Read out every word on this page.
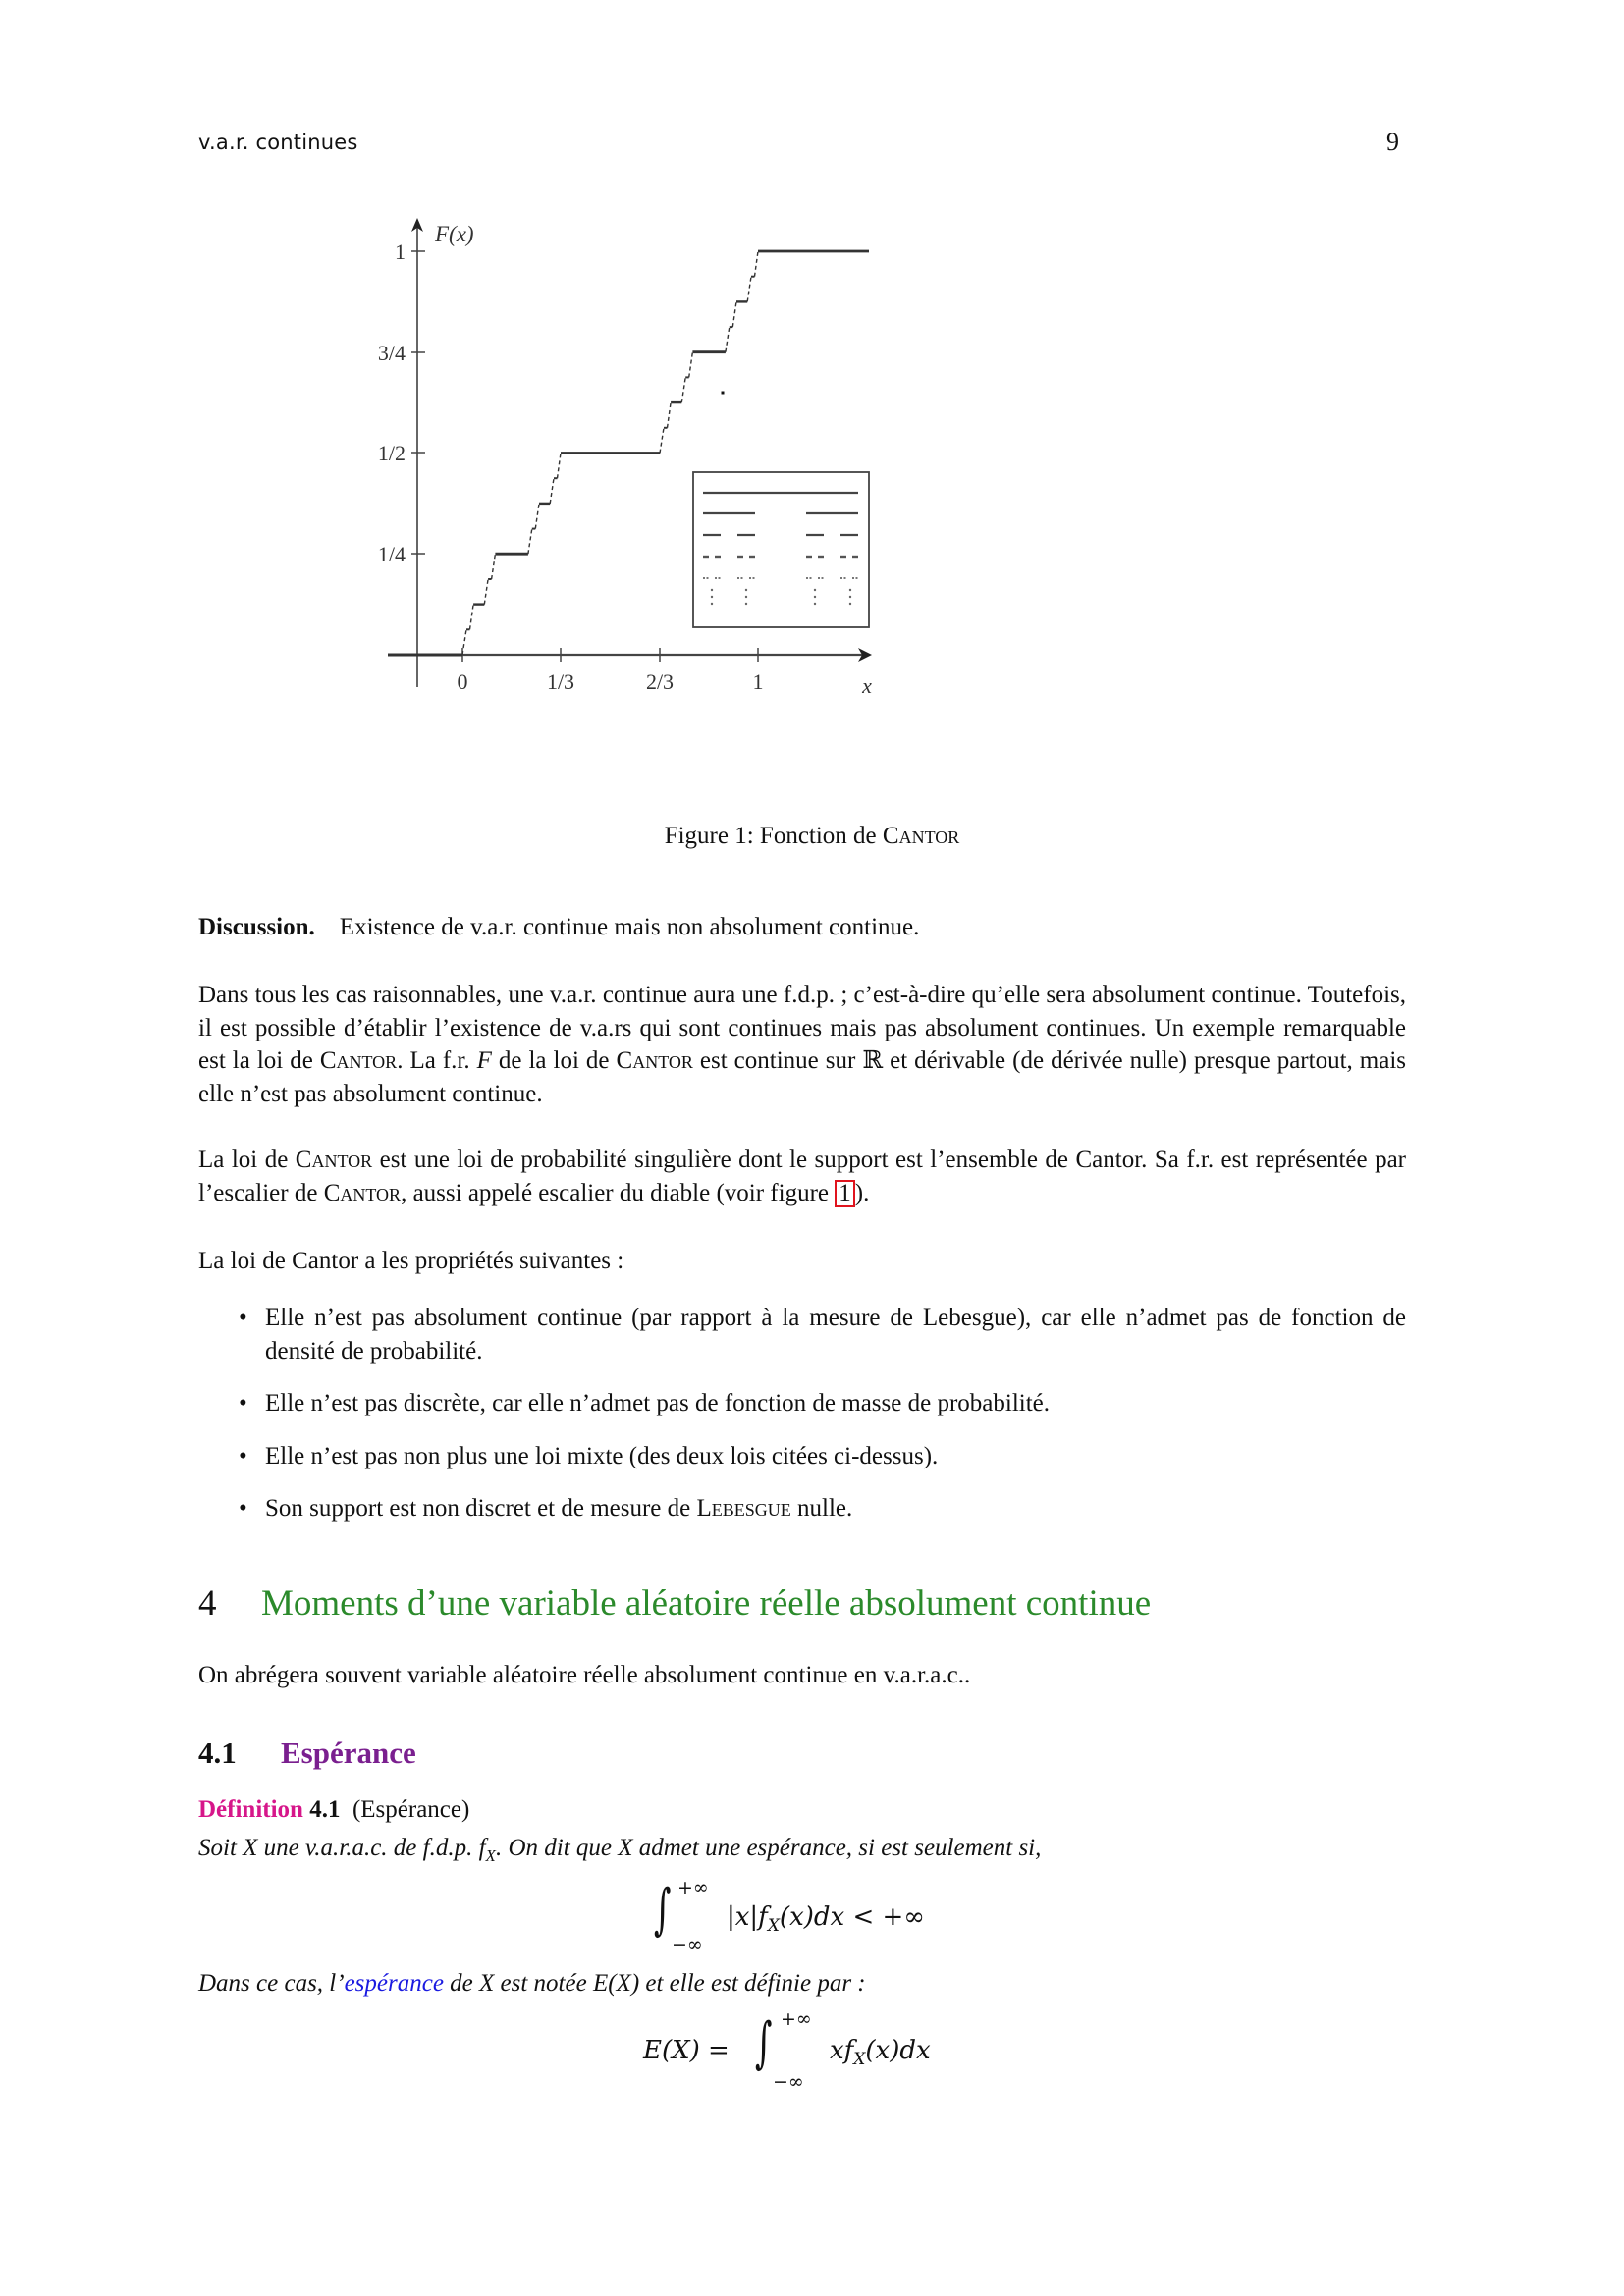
v.a.r. continues	9
F(x)
1
3/4
1/2
1/4
0	1/3	2/3	1	x
Figure 1: Fonction de Cantor
Discussion. Existence de v.a.r. continue mais non absolument continue.

Dans tous les cas raisonnables, une v.a.r. continue aura une f.d.p. ; c’est-à-dire qu’elle sera absolument continue. Toutefois, il est possible d’établir l’existence de v.a.rs qui sont continues mais pas absolument continues. Un exemple remarquable est la loi de Cantor. La f.r. F de la loi de Cantor est continue sur ℝ et dérivable (de dérivée nulle) presque partout, mais elle n’est pas absolument continue.

La loi de Cantor est une loi de probabilité singulière dont le support est l’ensemble de Cantor. Sa f.r. est représentée par l’escalier de Cantor, aussi appelé escalier du diable (voir figure 1 ).

La loi de Cantor a les propriétés suivantes :
• Elle n’est pas absolument continue (par rapport à la mesure de Lebesgue), car elle n’admet pas de fonction de densité de probabilité.
• Elle n’est pas discrète, car elle n’admet pas de fonction de masse de probabilité.
• Elle n’est pas non plus une loi mixte (des deux lois citées ci-dessus).
• Son support est non discret et de mesure de Lebesgue nulle.
4 Moments d’une variable aléatoire réelle absolument continue
On abrégera souvent variable aléatoire réelle absolument continue en v.a.r.a.c..
4.1 Espérance
Définition 4.1 (Espérance)
Soit X une v.a.r.a.c. de f.d.p. $f_X$. On dit que X admet une espérance, si est seulement si,
∫ +∞
−∞
$|x|f_X(x)dx$ < +∞
Dans ce cas, l’espérance de X est notée E(X) et elle est définie par :
E(X) = ∫ +∞
−∞
$xf_X(x)dx$
